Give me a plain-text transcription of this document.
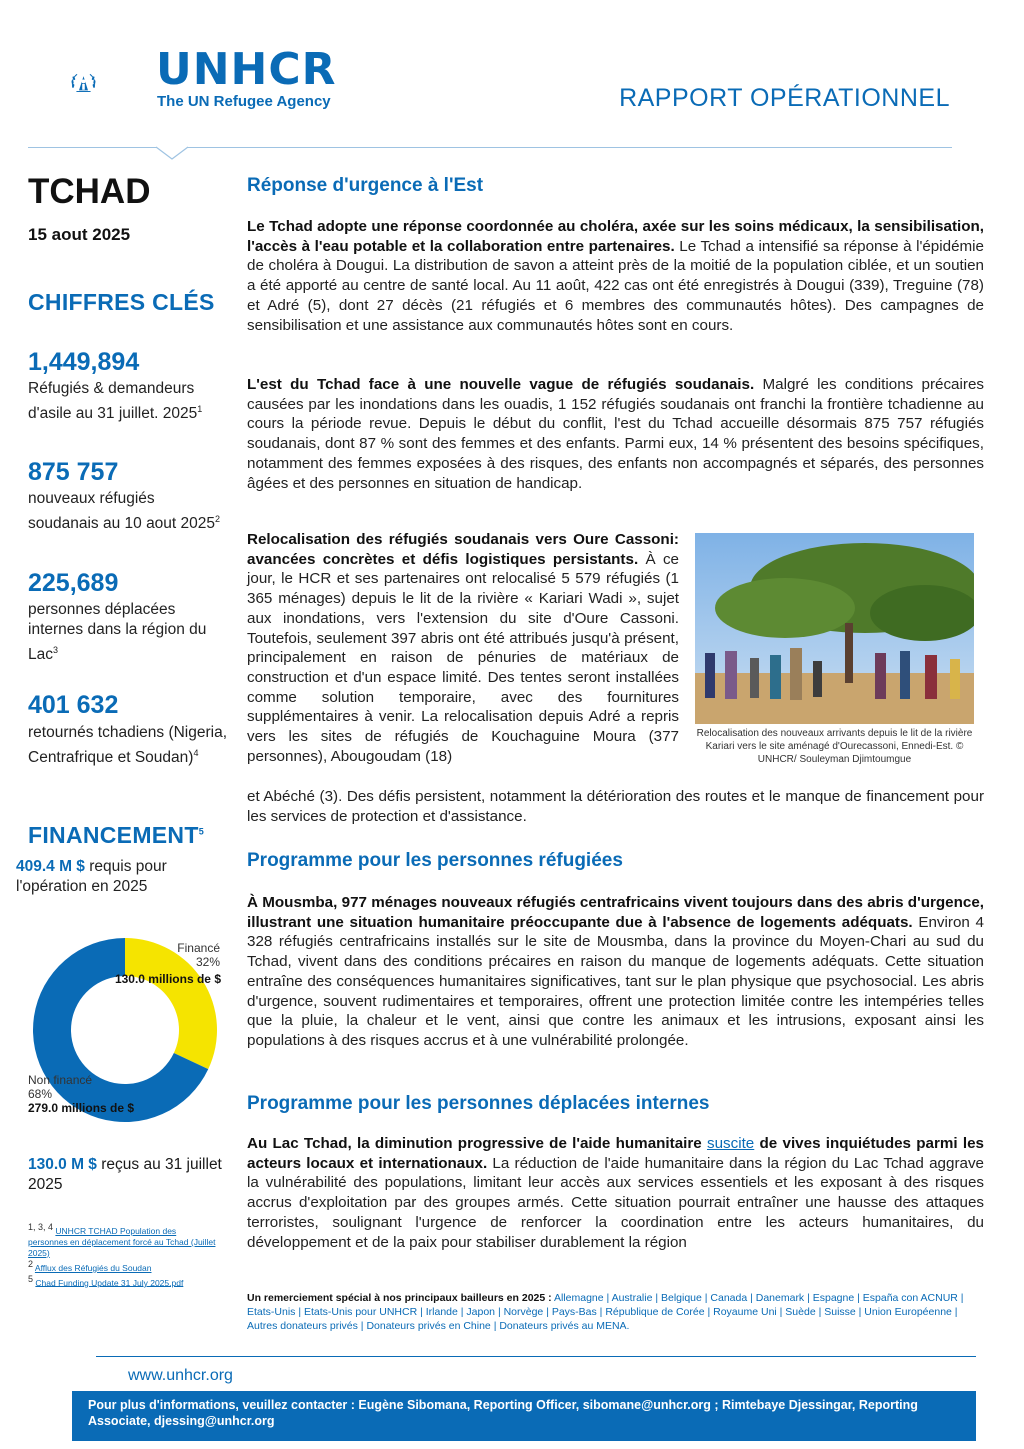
UNHCR
The UN Refugee Agency	RAPPORT OPÉRATIONNEL
TCHAD
15 aout 2025
CHIFFRES CLÉS
1,449,894
Réfugiés & demandeurs d'asile au 31 juillet. 2025$^1$
875 757
nouveaux réfugiés soudanais au 10 aout 2025$^2$
225,689
personnes déplacées internes dans la région du Lac$^3$
401 632
retournés tchadiens (Nigeria, Centrafrique et Soudan)$^4$
FINANCEMENT$^5$
409.4 M $ requis pour l'opération en 2025
Financé
32%
130.0 millions de $
Non financé
68%
279.0 millions de $
130.0 M $ reçus au 31 juillet 2025
$^{1, 3, 4}$ UNHCR TCHAD Population des personnes en déplacement forcé au Tchad (Juillet 2025)
$^2$ Afflux des Réfugiés du Soudan
$^5$ Chad Funding Update 31 July 2025.pdf
Réponse d'urgence à l'Est
Le Tchad adopte une réponse coordonnée au choléra, axée sur les soins médicaux, la sensibilisation, l'accès à l'eau potable et la collaboration entre partenaires. Le Tchad a intensifié sa réponse à l'épidémie de choléra à Dougui. La distribution de savon a atteint près de la moitié de la population ciblée, et un soutien a été apporté au centre de santé local. Au 11 août, 422 cas ont été enregistrés à Dougui (339), Treguine (78) et Adré (5), dont 27 décès (21 réfugiés et 6 membres des communautés hôtes). Des campagnes de sensibilisation et une assistance aux communautés hôtes sont en cours.
L'est du Tchad face à une nouvelle vague de réfugiés soudanais. Malgré les conditions précaires causées par les inondations dans les ouadis, 1 152 réfugiés soudanais ont franchi la frontière tchadienne au cours la période revue. Depuis le début du conflit, l'est du Tchad accueille désormais 875 757 réfugiés soudanais, dont 87 % sont des femmes et des enfants. Parmi eux, 14 % présentent des besoins spécifiques, notamment des femmes exposées à des risques, des enfants non accompagnés et séparés, des personnes âgées et des personnes en situation de handicap.
Relocalisation des réfugiés soudanais vers Oure Cassoni: avancées concrètes et défis logistiques persistants. À ce jour, le HCR et ses partenaires ont relocalisé 5 579 réfugiés (1 365 ménages) depuis le lit de la rivière « Kariari Wadi », sujet aux inondations, vers l'extension du site d'Oure Cassoni. Toutefois, seulement 397 abris ont été attribués jusqu'à présent, principalement en raison de pénuries de matériaux de construction et d'un espace limité. Des tentes seront installées comme solution temporaire, avec des fournitures supplémentaires à venir. La relocalisation depuis Adré a repris vers les sites de réfugiés de Kouchaguine Moura (377 personnes), Abougoudam (18)
et Abéché (3). Des défis persistent, notamment la détérioration des routes et le manque de financement pour les services de protection et d'assistance.
Relocalisation des nouveaux arrivants depuis le lit de la rivière Kariari vers le site aménagé d'Ourecassoni, Ennedi-Est. © UNHCR/ Souleyman Djimtoumgue
Programme pour les personnes réfugiées
À Mousmba, 977 ménages nouveaux réfugiés centrafricains vivent toujours dans des abris d'urgence, illustrant une situation humanitaire préoccupante due à l'absence de logements adéquats. Environ 4 328 réfugiés centrafricains installés sur le site de Mousmba, dans la province du Moyen-Chari au sud du Tchad, vivent dans des conditions précaires en raison du manque de logements adéquats. Cette situation entraîne des conséquences humanitaires significatives, tant sur le plan physique que psychosocial. Les abris d'urgence, souvent rudimentaires et temporaires, offrent une protection limitée contre les intempéries telles que la pluie, la chaleur et le vent, ainsi que contre les animaux et les intrusions, exposant ainsi les populations à des risques accrus et à une vulnérabilité prolongée.
Programme pour les personnes déplacées internes
Au Lac Tchad, la diminution progressive de l'aide humanitaire suscite de vives inquiétudes parmi les acteurs locaux et internationaux. La réduction de l'aide humanitaire dans la région du Lac Tchad aggrave la vulnérabilité des populations, limitant leur accès aux services essentiels et les exposant à des risques accrus d'exploitation par des groupes armés. Cette situation pourrait entraîner une hausse des attaques terroristes, soulignant l'urgence de renforcer la coordination entre les acteurs humanitaires, du développement et de la paix pour stabiliser durablement la région
Un remerciement spécial à nos principaux bailleurs en 2025 : Allemagne | Australie | Belgique | Canada | Danemark | Espagne | España con ACNUR | Etats-Unis | Etats-Unis pour UNHCR | Irlande | Japon | Norvège | Pays-Bas | République de Corée | Royaume Uni | Suède | Suisse | Union Européenne | Autres donateurs privés | Donateurs privés en Chine | Donateurs privés au MENA.
www.unhcr.org
Pour plus d'informations, veuillez contacter : Eugène Sibomana, Reporting Officer, sibomane@unhcr.org ; Rimtebaye Djessingar, Reporting Associate, djessing@unhcr.org
